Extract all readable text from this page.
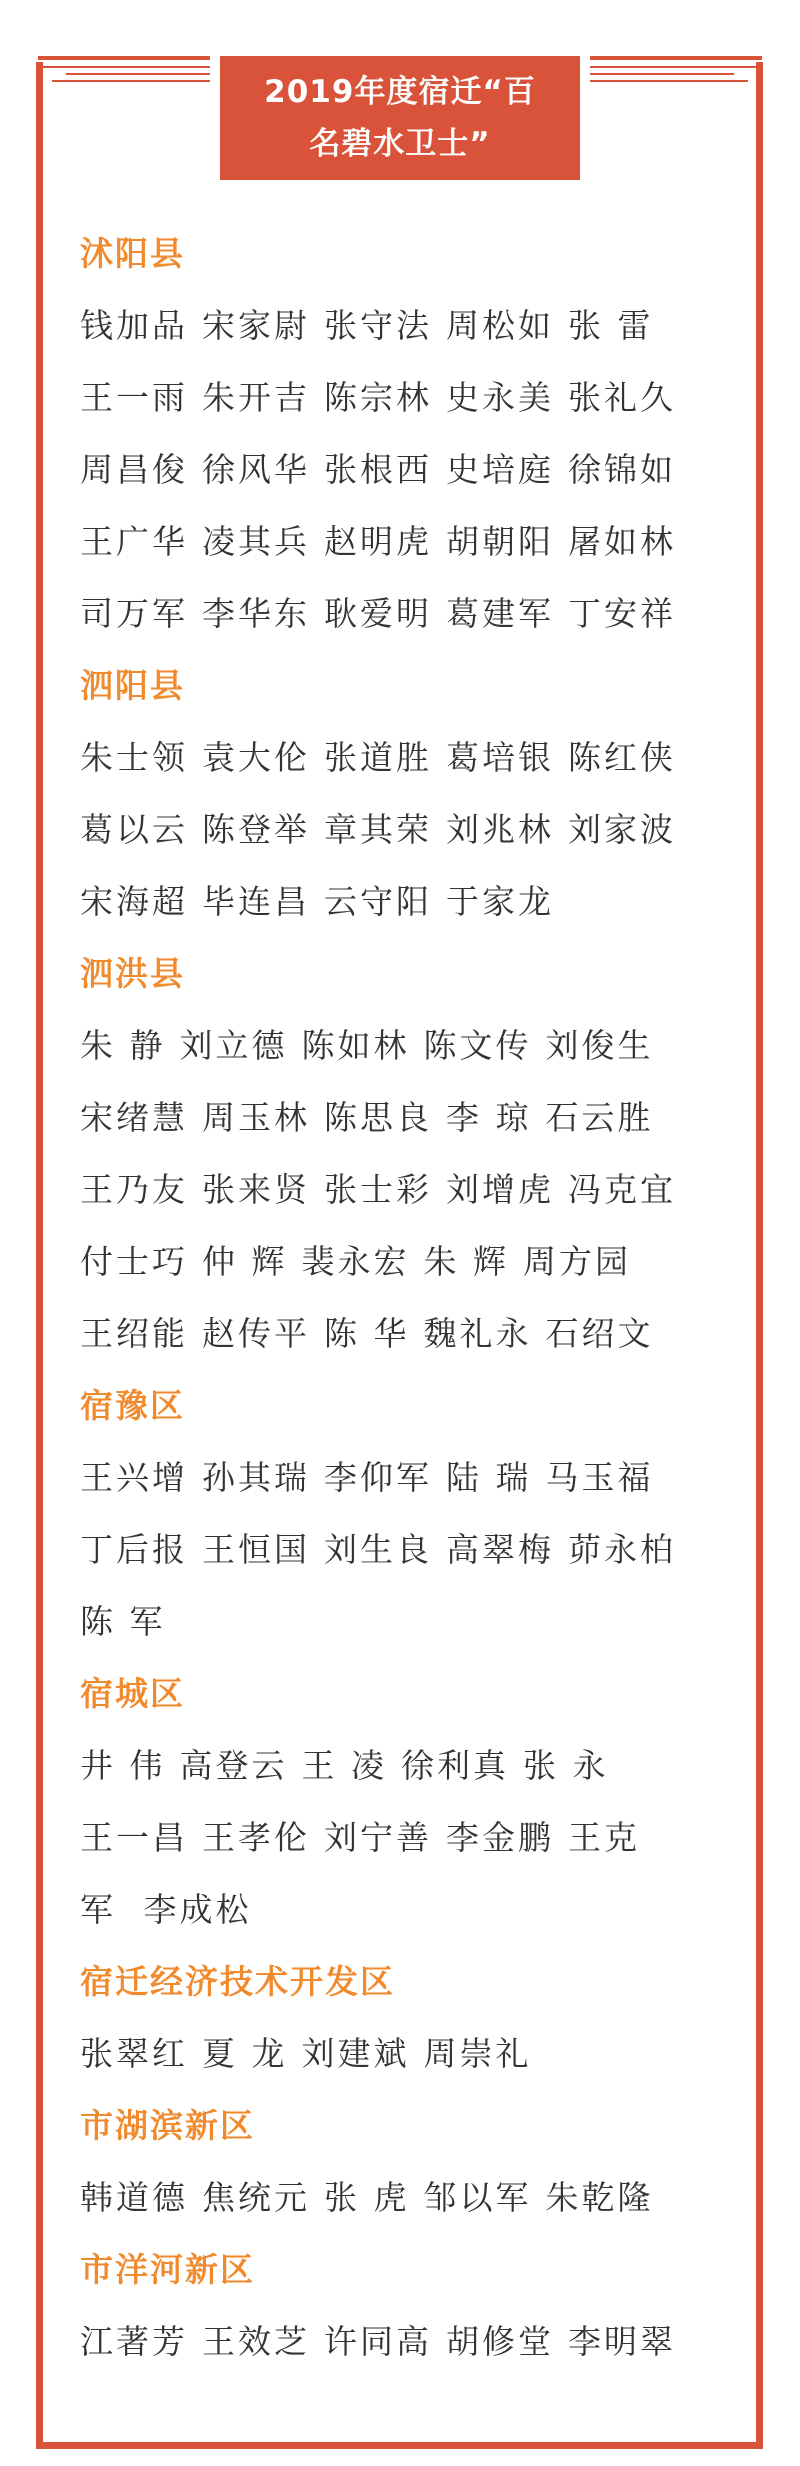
2019年度宿迁“百名碧水卫士”
沭阳县
钱加品 宋家尉 张守法 周松如 张 雷
王一雨 朱开吉 陈宗林 史永美 张礼久
周昌俊 徐风华 张根西 史培庭 徐锦如
王广华 凌其兵 赵明虎 胡朝阳 屠如林
司万军 李华东 耿爱明 葛建军 丁安祥
泗阳县
朱士领 袁大伦 张道胜 葛培银 陈红侠
葛以云 陈登举 章其荣 刘兆林 刘家波
宋海超 毕连昌 云守阳 于家龙
泗洪县
朱 静 刘立德 陈如林 陈文传 刘俊生
宋绪慧 周玉林 陈思良 李 琼 石云胜
王乃友 张来贤 张士彩 刘增虎 冯克宜
付士巧 仲 辉 裴永宏 朱 辉 周方园
王绍能 赵传平 陈 华 魏礼永 石绍文
宿豫区
王兴增 孙其瑞 李仰军 陆 瑞 马玉福
丁后报 王恒国 刘生良 高翠梅 茆永柏
陈 军
宿城区
井 伟 高登云 王 凌 徐利真 张 永
王一昌 王孝伦 刘宁善 李金鹏 王克
军 李成松
宿迁经济技术开发区
张翠红 夏 龙 刘建斌 周崇礼
市湖滨新区
韩道德 焦统元 张 虎 邹以军 朱乾隆
市洋河新区
江著芳 王效芝 许同高 胡修堂 李明翠
